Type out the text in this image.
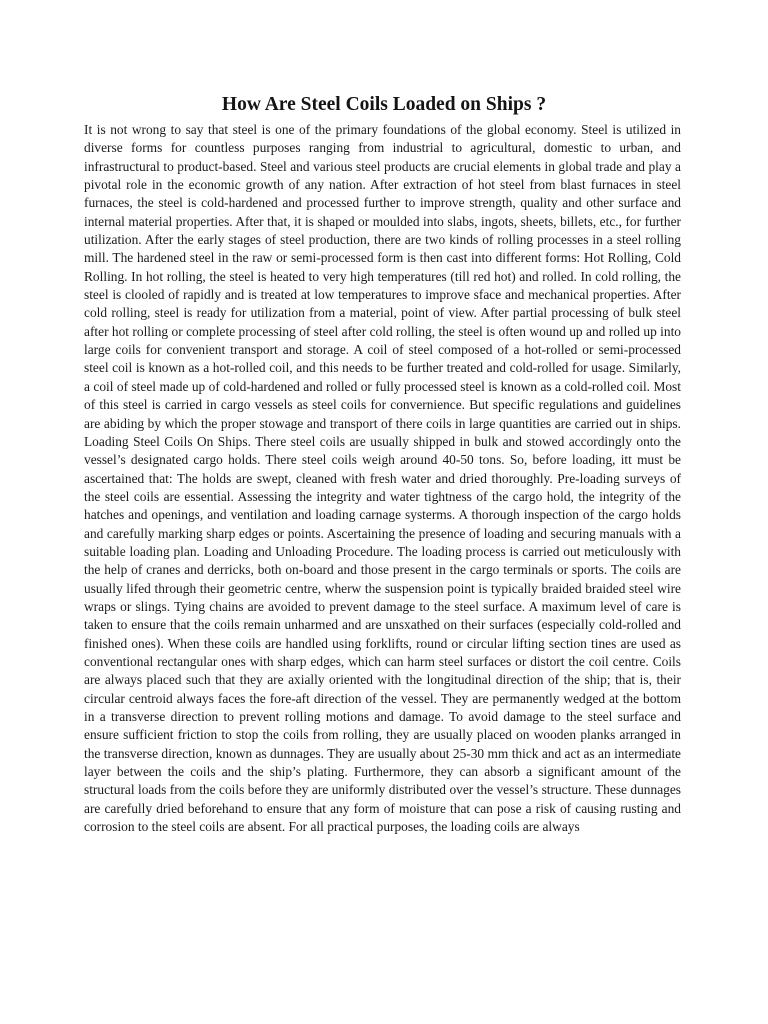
How Are Steel Coils Loaded on Ships ?

It is not wrong to say that steel is one of the primary foundations of the global economy. Steel is utilized in diverse forms for countless purposes ranging from industrial to agricultural, domestic to urban, and infrastructural to product-based. Steel and various steel products are crucial elements in global trade and play a pivotal role in the economic growth of any nation. After extraction of hot steel from blast furnaces in steel furnaces, the steel is cold-hardened and processed further to improve strength, quality and other surface and internal material properties. After that, it is shaped or moulded into slabs, ingots, sheets, billets, etc., for further utilization. After the early stages of steel production, there are two kinds of rolling processes in a steel rolling mill. The hardened steel in the raw or semi-processed form is then cast into different forms: Hot Rolling, Cold Rolling. In hot rolling, the steel is heated to very high temperatures (till red hot) and rolled. In cold rolling, the steel is clooled of rapidly and is treated at low temperatures to improve sface and mechanical properties. After cold rolling, steel is ready for utilization from a material, point of view. After partial processing of bulk steel after hot rolling or complete processing of steel after cold rolling, the steel is often wound up and rolled up into large coils for convenient transport and storage. A coil of steel composed of a hot-rolled or semi-processed steel coil is known as a hot-rolled coil, and this needs to be further treated and cold-rolled for usage. Similarly, a coil of steel made up of cold-hardened and rolled or fully processed steel is known as a cold-rolled coil. Most of this steel is carried in cargo vessels as steel coils for convernience. But specific regulations and guidelines are abiding by which the proper stowage and transport of there coils in large quantities are carried out in ships. Loading Steel Coils On Ships. There steel coils are usually shipped in bulk and stowed accordingly onto the vessel’s designated cargo holds. There steel coils weigh around 40-50 tons. So, before loading, itt must be ascertained that: The holds are swept, cleaned with fresh water and dried thoroughly. Pre-loading surveys of the steel coils are essential. Assessing the integrity and water tightness of the cargo hold, the integrity of the hatches and openings, and ventilation and loading carnage systerms. A thorough inspection of the cargo holds and carefully marking sharp edges or points. Ascertaining the presence of loading and securing manuals with a suitable loading plan. Loading and Unloading Procedure. The loading process is carried out meticulously with the help of cranes and derricks, both on-board and those present in the cargo terminals or sports. The coils are usually lifed through their geometric centre, wherw the suspension point is typically braided braided steel wire wraps or slings. Tying chains are avoided to prevent damage to the steel surface. A maximum level of care is taken to ensure that the coils remain unharmed and are unsxathed on their surfaces (especially cold-rolled and finished ones). When these coils are handled using forklifts, round or circular lifting section tines are used as conventional rectangular ones with sharp edges, which can harm steel surfaces or distort the coil centre. Coils are always placed such that they are axially oriented with the longitudinal direction of the ship; that is, their circular centroid always faces the fore-aft direction of the vessel. They are permanently wedged at the bottom in a transverse direction to prevent rolling motions and damage. To avoid damage to the steel surface and ensure sufficient friction to stop the coils from rolling, they are usually placed on wooden planks arranged in the transverse direction, known as dunnages. They are usually about 25-30 mm thick and act as an intermediate layer between the coils and the ship’s plating. Furthermore, they can absorb a significant amount of the structural loads from the coils before they are uniformly distributed over the vessel’s structure. These dunnages are carefully dried beforehand to ensure that any form of moisture that can pose a risk of causing rusting and corrosion to the steel coils are absent. For all practical purposes, the loading coils are always
